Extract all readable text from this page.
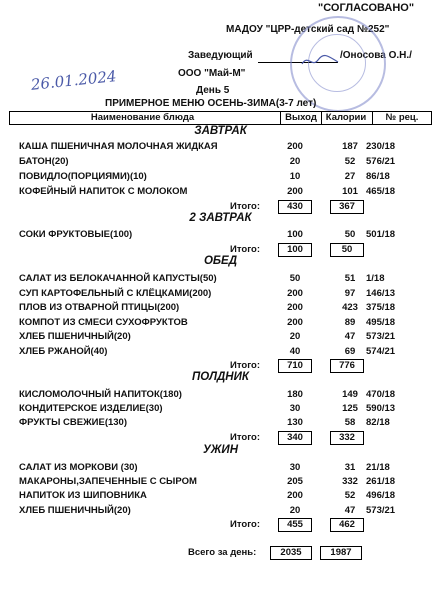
"СОГЛАСОВАНО"
МАДОУ "ЦРР-детский сад №252"
Заведующий	/Оносова О.Н./
26.01.2024	ООО "Май-М"
День 5
ПРИМЕРНОЕ МЕНЮ ОСЕНЬ-ЗИМА(3-7 лет)
Наименование блюда	Выход Калории	№ рец.
ЗАВТРАК
КАША ПШЕНИЧНАЯ МОЛОЧНАЯ ЖИДКАЯ	200	187 230/18
БАТОН(20)	20	52	576/21
ПОВИДЛО(ПОРЦИЯМИ)(10)	10	27	86/18
КОФЕЙНЫЙ НАПИТОК С МОЛОКОМ	200	101 465/18
Итого:	430	367
2 ЗАВТРАК
СОКИ ФРУКТОВЫЕ(100)	100	50	501/18
Итого:	100	50
ОБЕД
САЛАТ ИЗ БЕЛОКАЧАННОЙ КАПУСТЫ(50)	50	51	1/18
СУП КАРТОФЕЛЬНЫЙ С КЛЁЦКАМИ(200)	200	97	146/13
ПЛОВ ИЗ ОТВАРНОЙ ПТИЦЫ(200)	200	423 375/18
КОМПОТ ИЗ СМЕСИ СУХОФРУКТОВ	200	89	495/18
ХЛЕБ ПШЕНИЧНЫЙ(20)	20	47	573/21
ХЛЕБ РЖАНОЙ(40)	40	69	574/21
Итого:	710	776
ПОЛДНИК
КИСЛОМОЛОЧНЫЙ НАПИТОК(180)	180	149 470/18
КОНДИТЕРСКОЕ ИЗДЕЛИЕ(30)	30	125 590/13
ФРУКТЫ СВЕЖИЕ(130)	130	58	82/18
Итого:	340	332
УЖИН
САЛАТ ИЗ МОРКОВИ (30)	30	31	21/18
МАКАРОНЫ,ЗАПЕЧЕННЫЕ С СЫРОМ	205	332 261/18
НАПИТОК ИЗ ШИПОВНИКА	200	52	496/18
ХЛЕБ ПШЕНИЧНЫЙ(20)	20	47	573/21
Итого:	455	462
Всего за день:	2035	1987
